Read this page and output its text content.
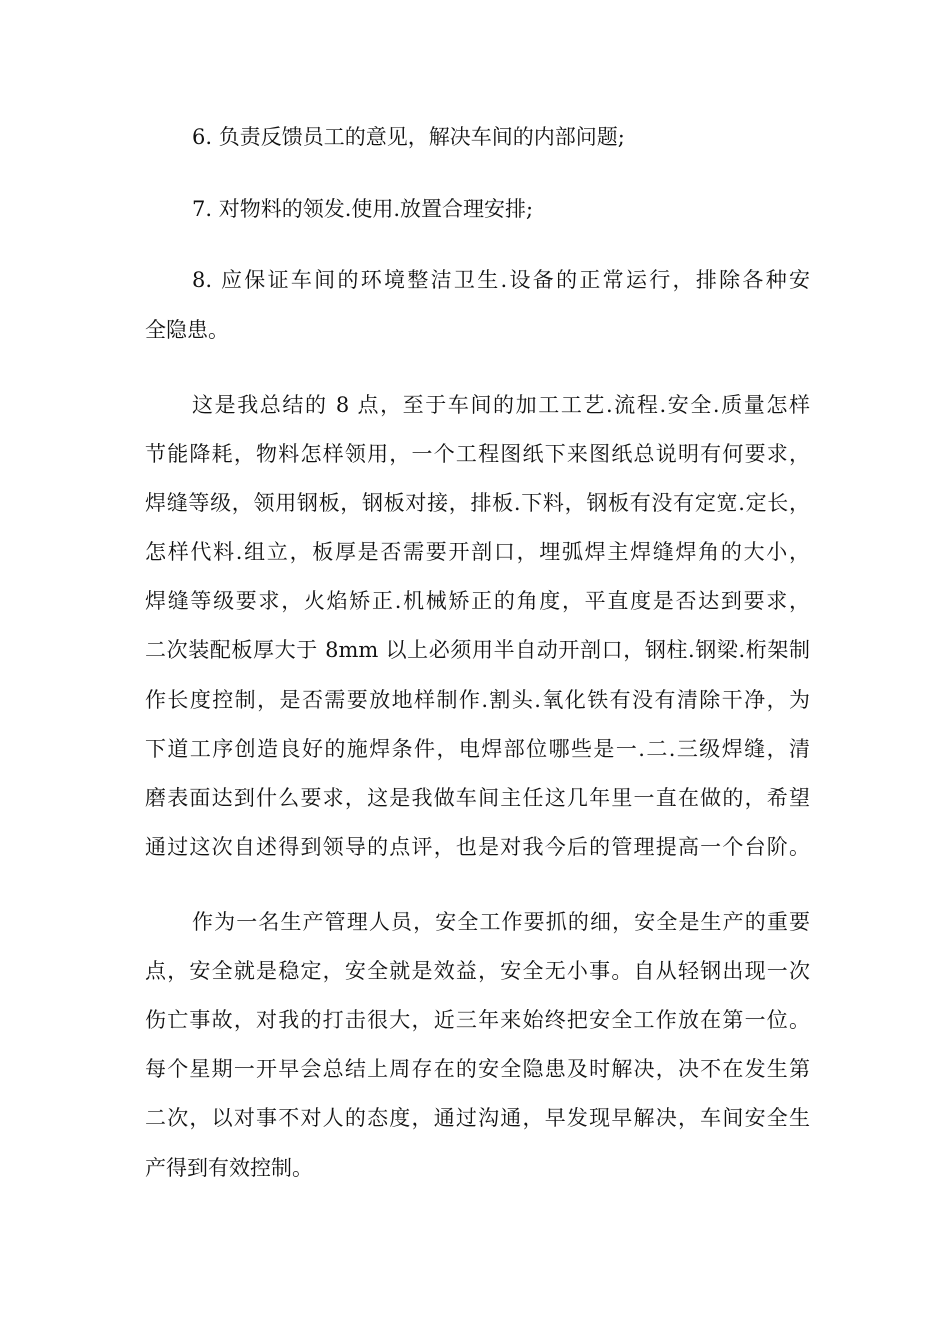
6. 负责反馈员工的意见，解决车间的内部问题;
7. 对物料的领发.使用.放置合理安排;
8. 应保证车间的环境整洁卫生.设备的正常运行，排除各种安
全隐患。
这是我总结的 8 点，至于车间的加工工艺.流程.安全.质量怎样
节能降耗，物料怎样领用，一个工程图纸下来图纸总说明有何要求，
焊缝等级，领用钢板，钢板对接，排板.下料，钢板有没有定宽.定长，
怎样代料.组立，板厚是否需要开剖口，埋弧焊主焊缝焊角的大小，
焊缝等级要求，火焰矫正.机械矫正的角度，平直度是否达到要求，
二次装配板厚大于 8mm 以上必须用半自动开剖口，钢柱.钢梁.桁架制
作长度控制，是否需要放地样制作.割头.氧化铁有没有清除干净，为
下道工序创造良好的施焊条件，电焊部位哪些是一.二.三级焊缝，清
磨表面达到什么要求，这是我做车间主任这几年里一直在做的，希望
通过这次自述得到领导的点评，也是对我今后的管理提高一个台阶。
作为一名生产管理人员，安全工作要抓的细，安全是生产的重要
点，安全就是稳定，安全就是效益，安全无小事。自从轻钢出现一次
伤亡事故，对我的打击很大，近三年来始终把安全工作放在第一位。
每个星期一开早会总结上周存在的安全隐患及时解决，决不在发生第
二次，以对事不对人的态度，通过沟通，早发现早解决，车间安全生
产得到有效控制。
